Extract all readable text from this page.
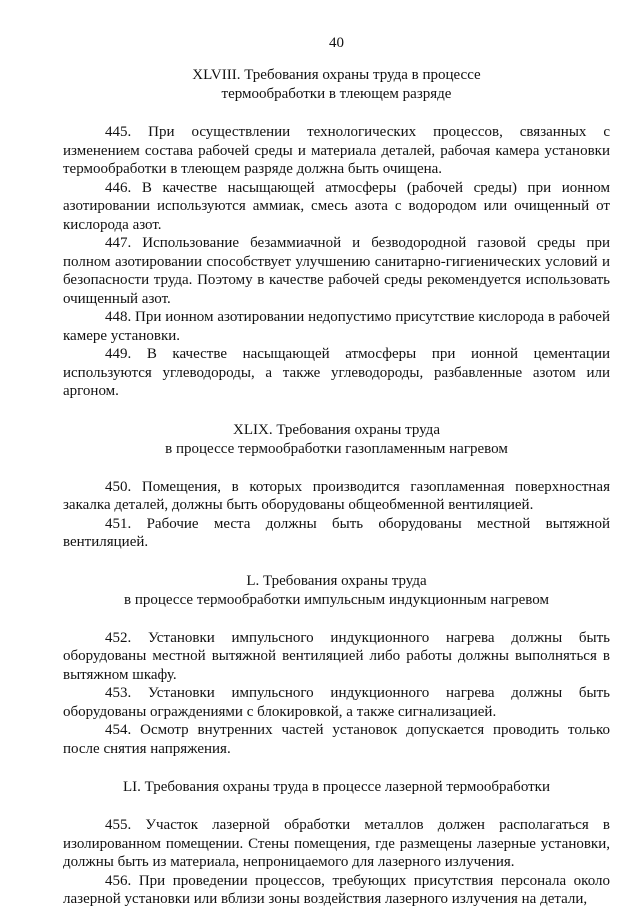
40
XLVIII. Требования охраны труда в процессе
термообработки в тлеющем разряде

445. При осуществлении технологических процессов, связанных с изменением состава рабочей среды и материала деталей, рабочая камера установки термообработки в тлеющем разряде должна быть очищена.

446. В качестве насыщающей атмосферы (рабочей среды) при ионном азотировании используются аммиак, смесь азота с водородом или очищенный от кислорода азот.

447. Использование безаммиачной и безводородной газовой среды при полном азотировании способствует улучшению санитарно-гигиенических условий и безопасности труда. Поэтому в качестве рабочей среды рекомендуется использовать очищенный азот.

448. При ионном азотировании недопустимо присутствие кислорода в рабочей камере установки.

449. В качестве насыщающей атмосферы при ионной цементации используются углеводороды, а также углеводороды, разбавленные азотом или аргоном.

XLIX. Требования охраны труда
в процессе термообработки газопламенным нагревом

450. Помещения, в которых производится газопламенная поверхностная закалка деталей, должны быть оборудованы общеобменной вентиляцией.

451. Рабочие места должны быть оборудованы местной вытяжной вентиляцией.

L. Требования охраны труда
в процессе термообработки импульсным индукционным нагревом

452. Установки импульсного индукционного нагрева должны быть оборудованы местной вытяжной вентиляцией либо работы должны выполняться в вытяжном шкафу.

453. Установки импульсного индукционного нагрева должны быть оборудованы ограждениями с блокировкой, а также сигнализацией.

454. Осмотр внутренних частей установок допускается проводить только после снятия напряжения.

LI. Требования охраны труда в процессе лазерной термообработки

455. Участок лазерной обработки металлов должен располагаться в изолированном помещении. Стены помещения, где размещены лазерные установки, должны быть из материала, непроницаемого для лазерного излучения.

456. При проведении процессов, требующих присутствия персонала около лазерной установки или вблизи зоны воздействия лазерного излучения на детали,
